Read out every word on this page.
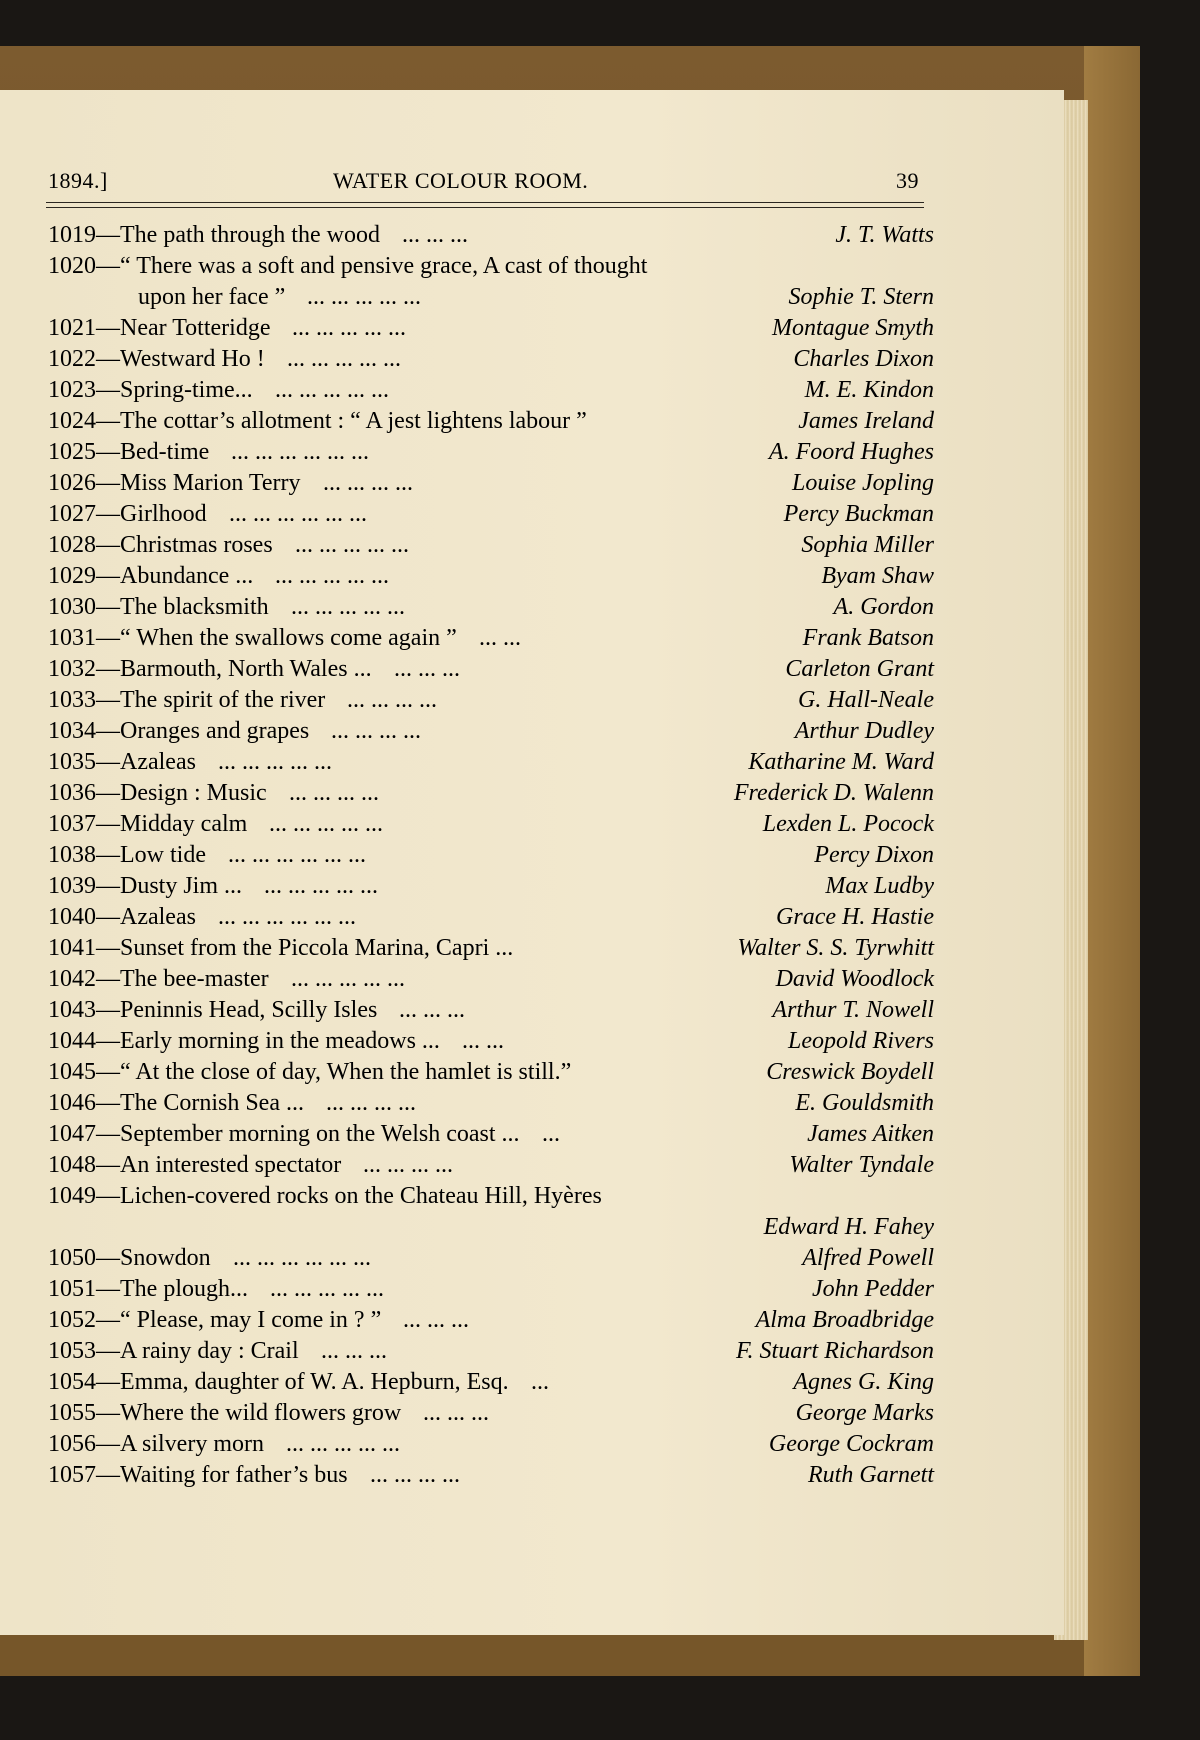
1894.]	WATER COLOUR ROOM.	39
1019—The path through the wood ... ... ...	J. T. Watts
1020—“ There was a soft and pensive grace, A cast of thought
upon her face ” ... ... ... ... ...	Sophie T. Stern
1021—Near Totteridge ... ... ... ... ...	Montague Smyth
1022—Westward Ho ! ... ... ... ... ...	Charles Dixon
1023—Spring-time... ... ... ... ... ...	M. E. Kindon
1024—The cottar’s allotment : “ A jest lightens labour ”	James Ireland
1025—Bed-time ... ... ... ... ... ...	A. Foord Hughes
1026—Miss Marion Terry ... ... ... ...	Louise Jopling
1027—Girlhood ... ... ... ... ... ...	Percy Buckman
1028—Christmas roses ... ... ... ... ...	Sophia Miller
1029—Abundance ... ... ... ... ... ...	Byam Shaw
1030—The blacksmith ... ... ... ... ...	A. Gordon
1031—“ When the swallows come again ” ... ...	Frank Batson
1032—Barmouth, North Wales ... ... ... ...	Carleton Grant
1033—The spirit of the river ... ... ... ...	G. Hall-Neale
1034—Oranges and grapes ... ... ... ...	Arthur Dudley
1035—Azaleas ... ... ... ... ...	Katharine M. Ward
1036—Design : Music ... ... ... ...	Frederick D. Walenn
1037—Midday calm ... ... ... ... ...	Lexden L. Pocock
1038—Low tide ... ... ... ... ... ...	Percy Dixon
1039—Dusty Jim ... ... ... ... ... ...	Max Ludby
1040—Azaleas ... ... ... ... ... ...	Grace H. Hastie
1041—Sunset from the Piccola Marina, Capri ...	Walter S. S. Tyrwhitt
1042—The bee-master ... ... ... ... ...	David Woodlock
1043—Peninnis Head, Scilly Isles ... ... ...	Arthur T. Nowell
1044—Early morning in the meadows ... ... ...	Leopold Rivers
1045—“ At the close of day, When the hamlet is still.”	Creswick Boydell
1046—The Cornish Sea ... ... ... ... ...	E. Gouldsmith
1047—September morning on the Welsh coast ... ...	James Aitken
1048—An interested spectator ... ... ... ...	Walter Tyndale
1049—Lichen-covered rocks on the Chateau Hill, Hyères
Edward H. Fahey
1050—Snowdon ... ... ... ... ... ...	Alfred Powell
1051—The plough... ... ... ... ... ...	John Pedder
1052—“ Please, may I come in ? ” ... ... ...	Alma Broadbridge
1053—A rainy day : Crail ... ... ...	F. Stuart Richardson
1054—Emma, daughter of W. A. Hepburn, Esq. ...	Agnes G. King
1055—Where the wild flowers grow ... ... ...	George Marks
1056—A silvery morn ... ... ... ... ...	George Cockram
1057—Waiting for father’s bus ... ... ... ...	Ruth Garnett
